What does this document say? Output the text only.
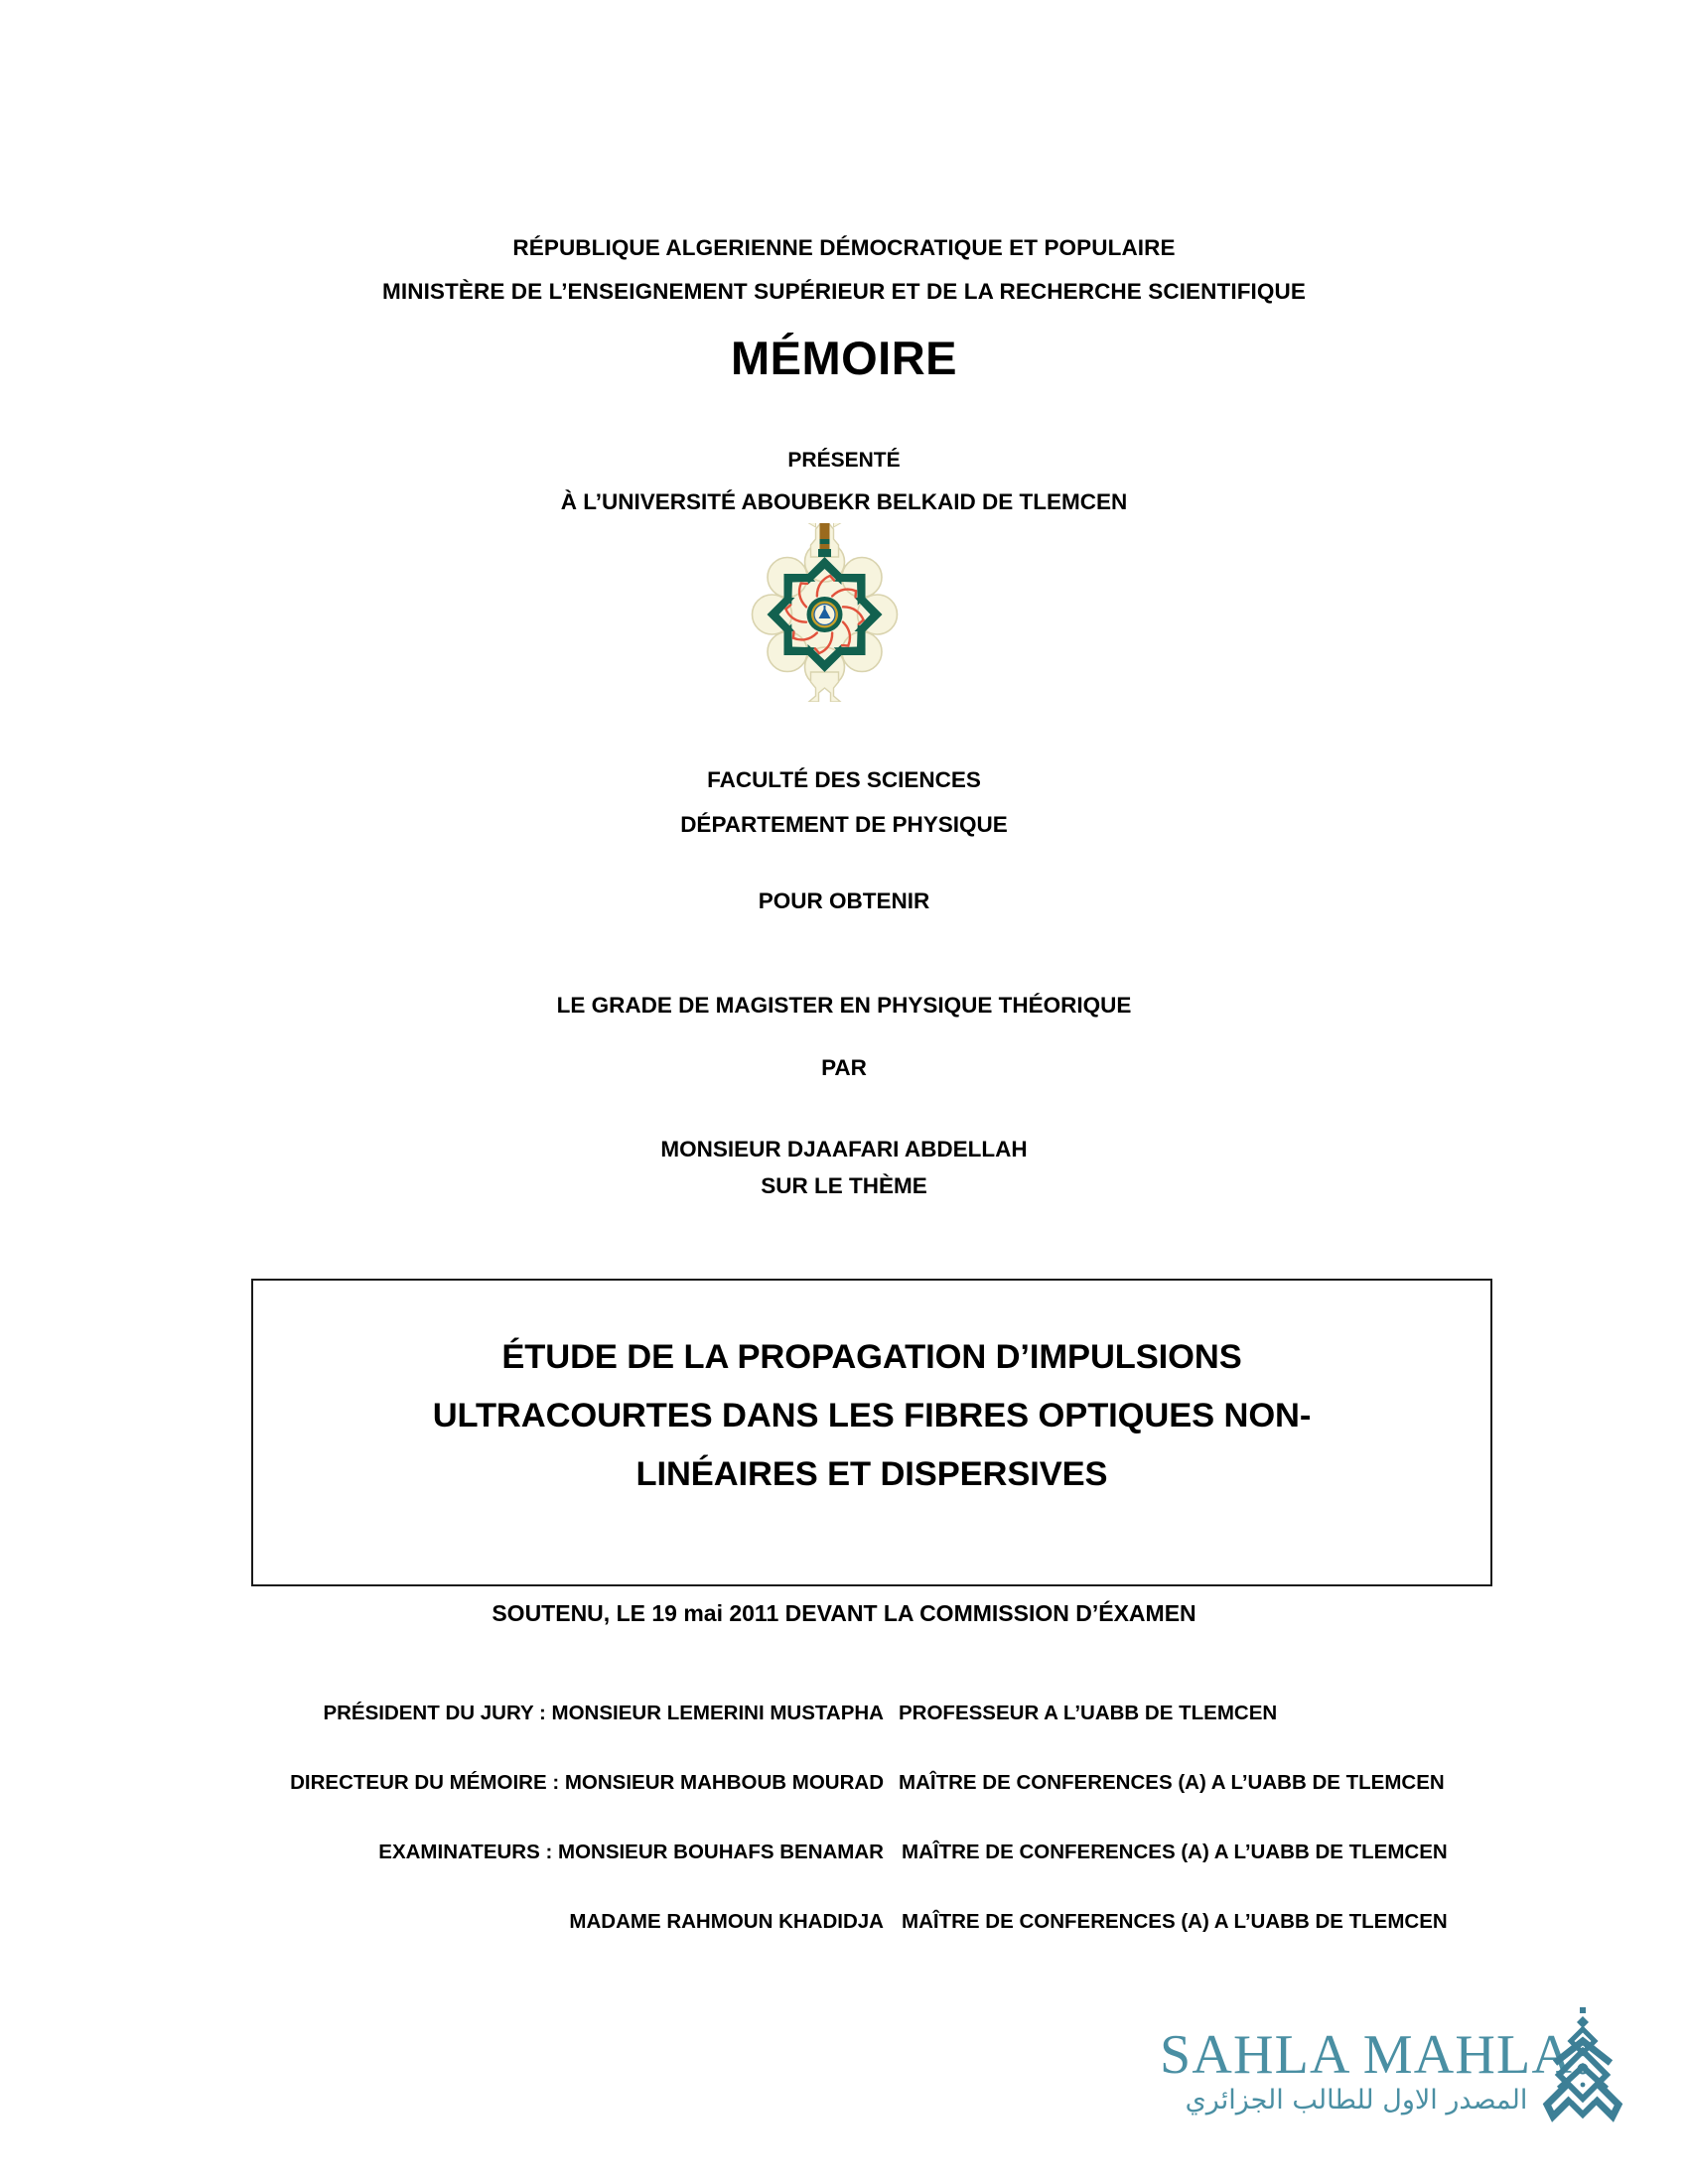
RÉPUBLIQUE ALGERIENNE DÉMOCRATIQUE ET POPULAIRE
MINISTÈRE DE L’ENSEIGNEMENT SUPÉRIEUR ET DE LA RECHERCHE SCIENTIFIQUE
MÉMOIRE
PRÉSENTÉ
À L’UNIVERSITÉ ABOUBEKR BELKAID DE TLEMCEN
FACULTÉ DES SCIENCES
DÉPARTEMENT DE PHYSIQUE
POUR OBTENIR
LE GRADE DE MAGISTER EN PHYSIQUE THÉORIQUE
PAR
MONSIEUR DJAAFARI ABDELLAH
SUR LE THÈME
ÉTUDE DE LA PROPAGATION D’IMPULSIONS
ULTRACOURTES DANS LES FIBRES OPTIQUES NON-
LINÉAIRES ET DISPERSIVES
SOUTENU, LE 19 mai 2011 DEVANT LA COMMISSION D’ÉXAMEN
PRÉSIDENT DU JURY : MONSIEUR LEMERINI MUSTAPHA PROFESSEUR A L’UABB DE TLEMCEN
DIRECTEUR DU MÉMOIRE : MONSIEUR MAHBOUB MOURAD MAÎTRE DE CONFERENCES (A) A L’UABB DE TLEMCEN
EXAMINATEURS : MONSIEUR BOUHAFS BENAMAR MAÎTRE DE CONFERENCES (A) A L’UABB DE TLEMCEN
MADAME RAHMOUN KHADIDJA MAÎTRE DE CONFERENCES (A) A L’UABB DE TLEMCEN
SAHLA MAHLA
المصدر الاول للطالب الجزائري
